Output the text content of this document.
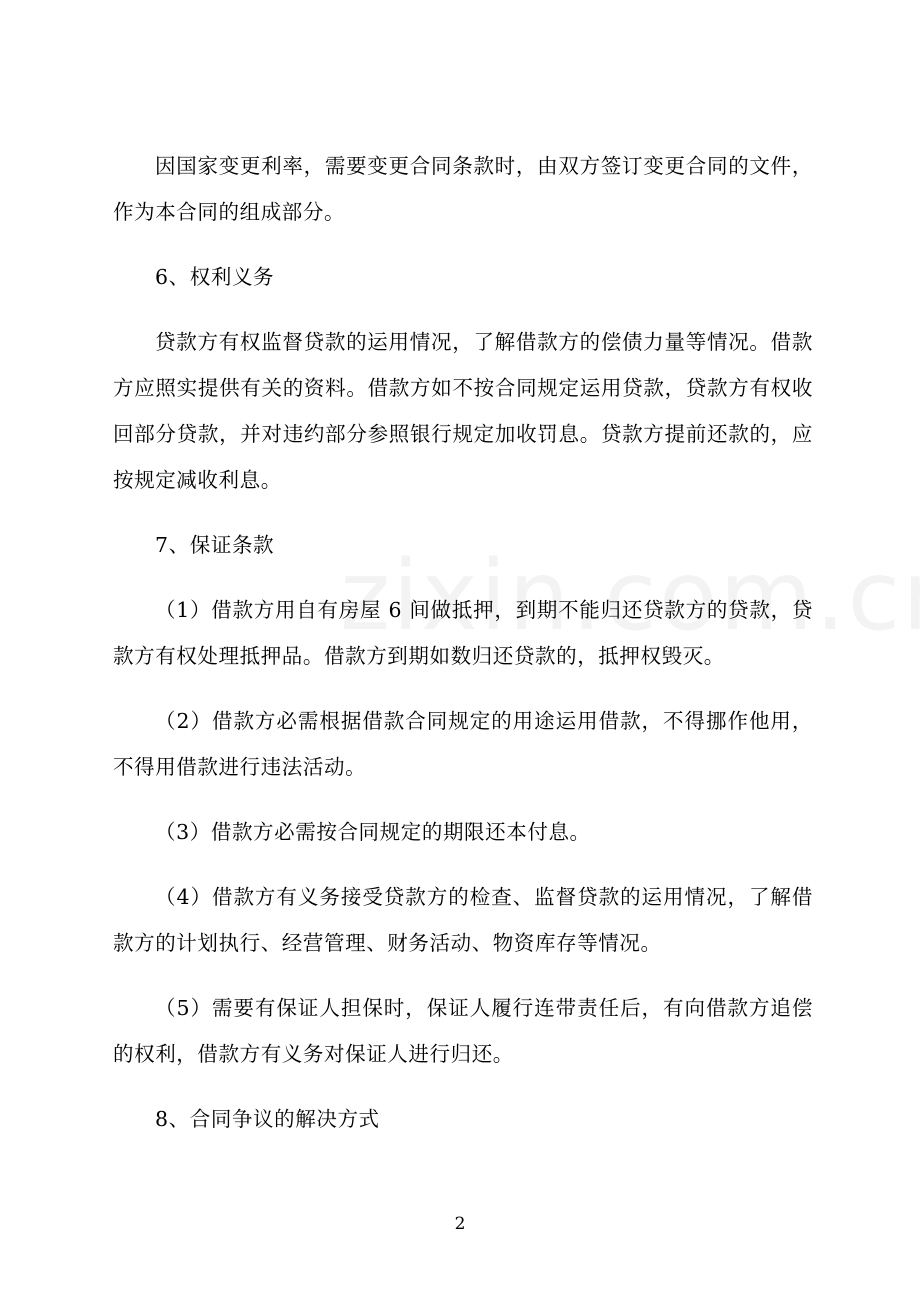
因国家变更利率，需要变更合同条款时，由双方签订变更合同的文件，作为本合同的组成部分。

6、权利义务

贷款方有权监督贷款的运用情况，了解借款方的偿债力量等情况。借款方应照实提供有关的资料。借款方如不按合同规定运用贷款，贷款方有权收回部分贷款，并对违约部分参照银行规定加收罚息。贷款方提前还款的，应按规定减收利息。

7、保证条款

（1）借款方用自有房屋 6 间做抵押，到期不能归还贷款方的贷款，贷款方有权处理抵押品。借款方到期如数归还贷款的，抵押权毁灭。

（2）借款方必需根据借款合同规定的用途运用借款，不得挪作他用，不得用借款进行违法活动。

（3）借款方必需按合同规定的期限还本付息。

（4）借款方有义务接受贷款方的检查、监督贷款的运用情况，了解借款方的计划执行、经营管理、财务活动、物资库存等情况。

（5）需要有保证人担保时，保证人履行连带责任后，有向借款方追偿的权利，借款方有义务对保证人进行归还。

8、合同争议的解决方式

2
